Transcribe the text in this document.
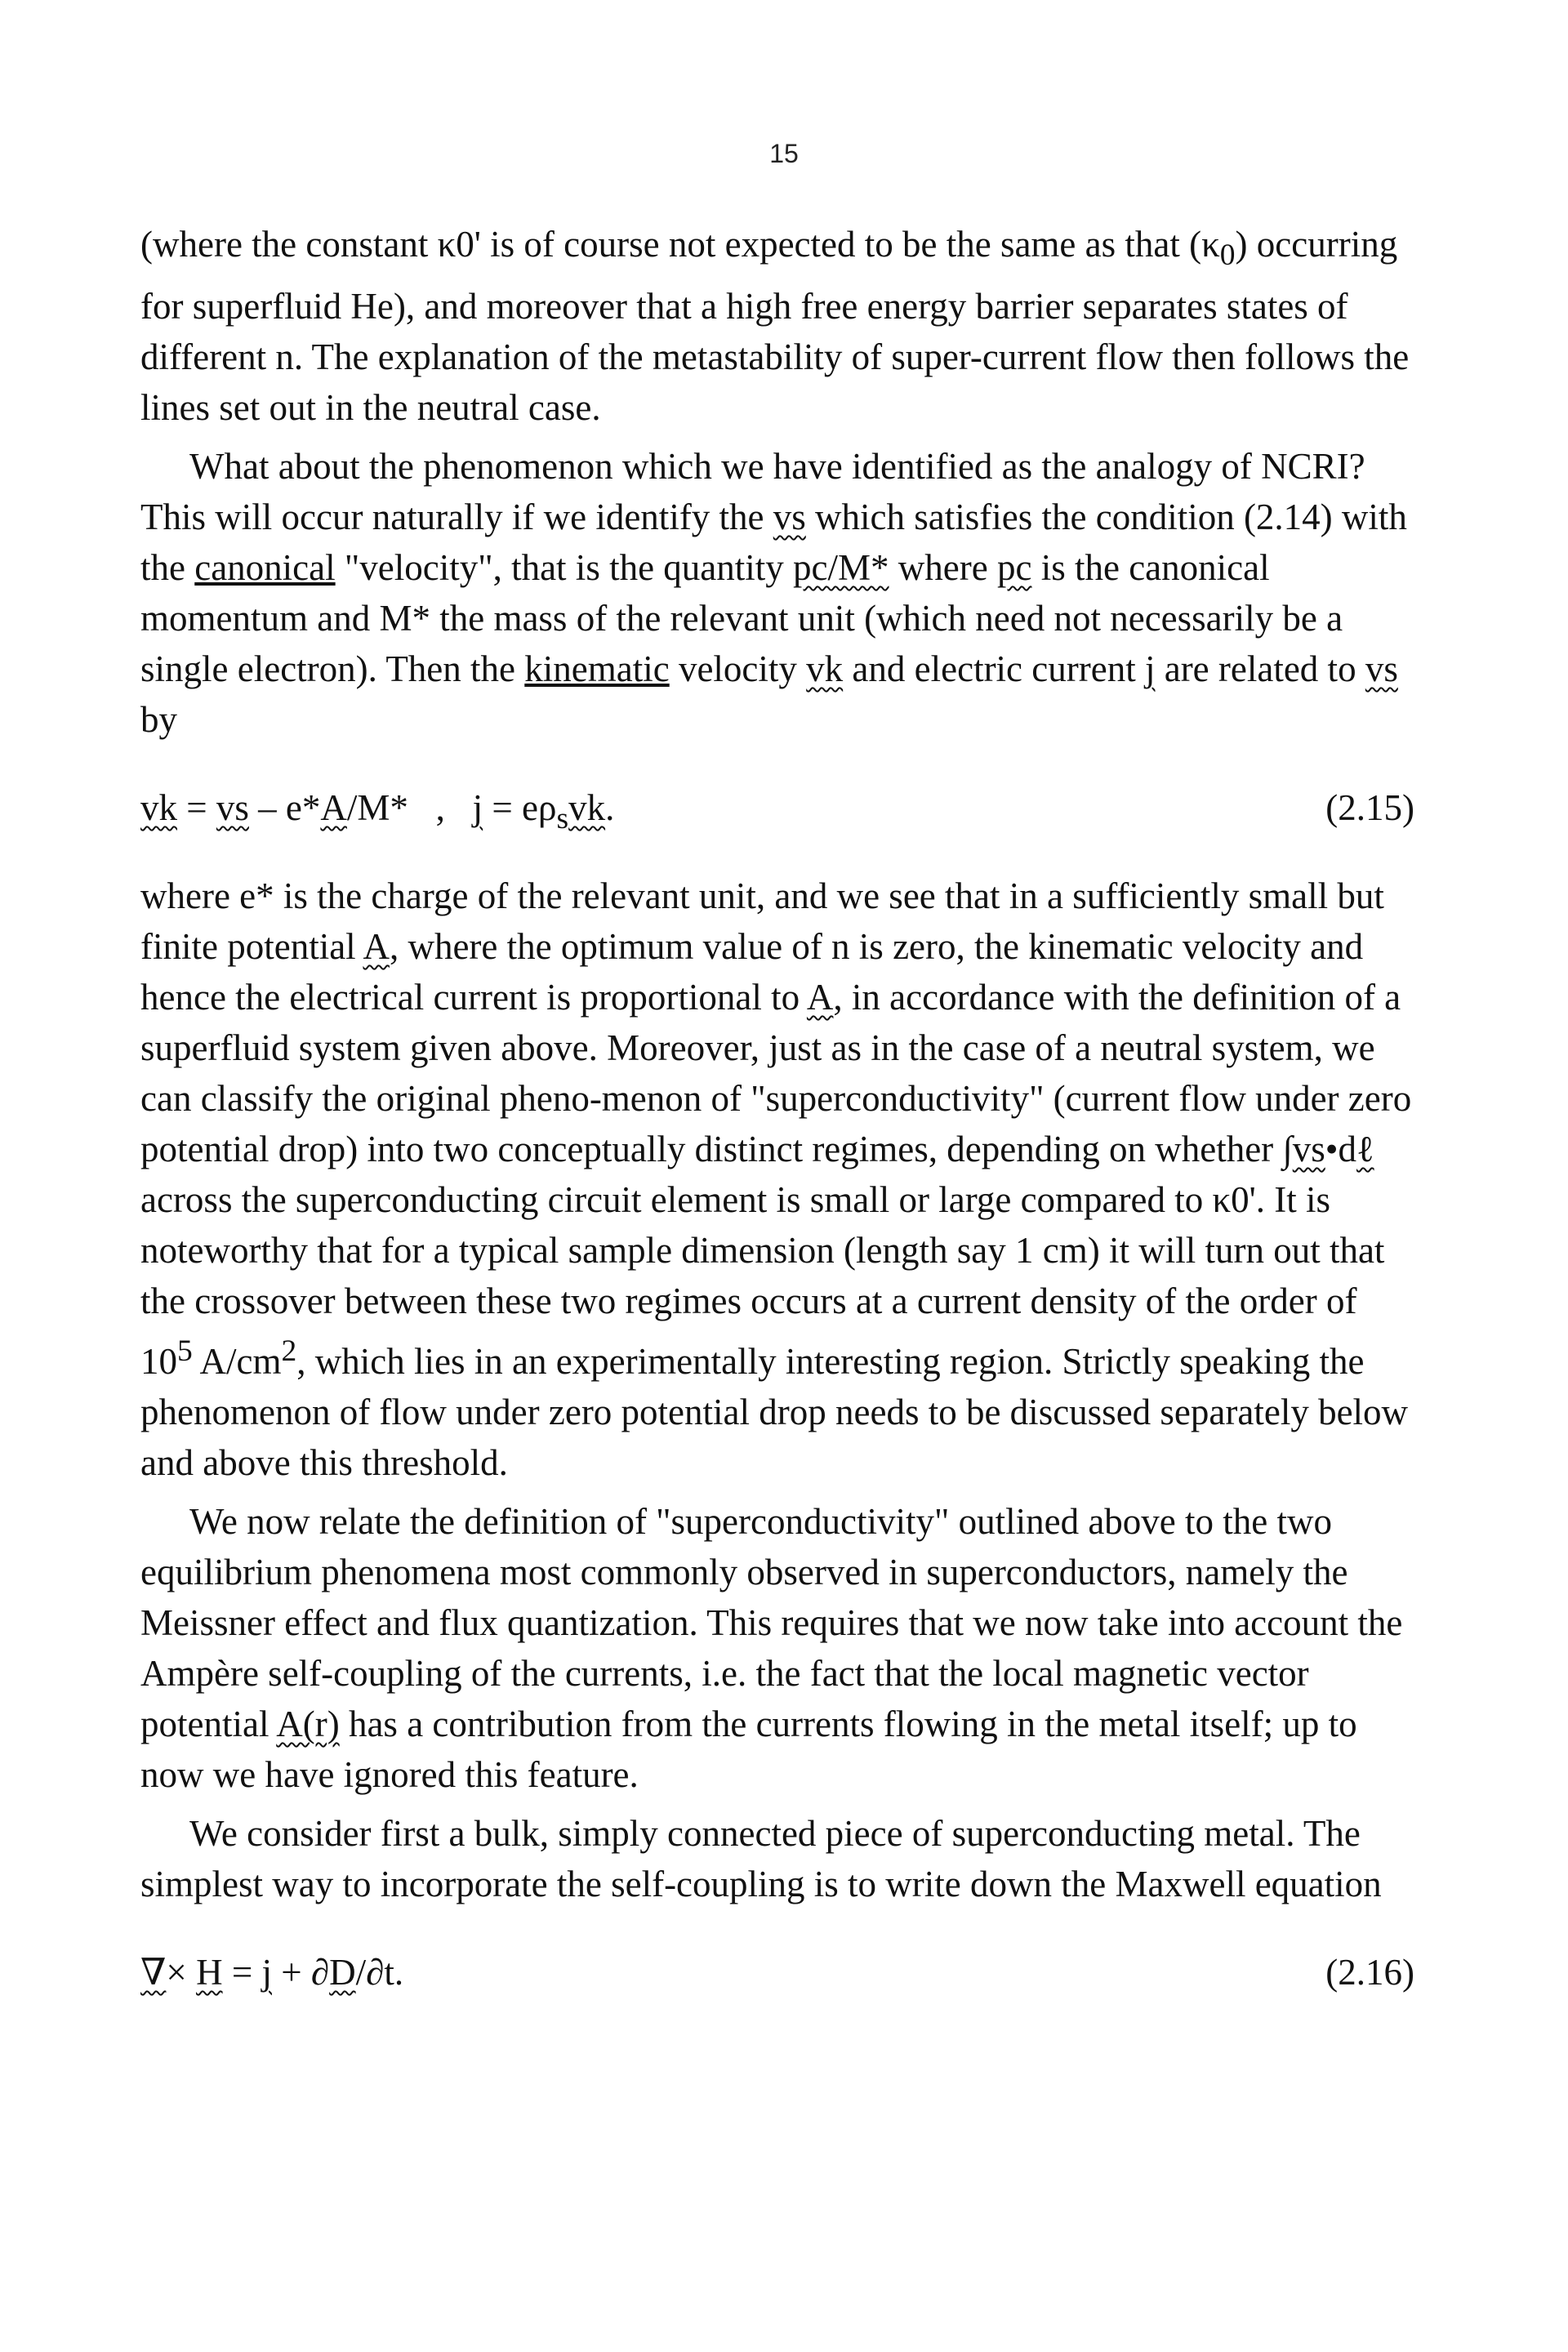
15

(where the constant κ0' is of course not expected to be the same as that $(\kappa_0)$ occurring for superfluid He), and moreover that a high free energy barrier separates states of different n. The explanation of the metastability of super-current flow then follows the lines set out in the neutral case.

What about the phenomenon which we have identified as the analogy of NCRI? This will occur naturally if we identify the vs which satisfies the condition (2.14) with the canonical "velocity", that is the quantity pc/M* where pc is the canonical momentum and M* the mass of the relevant unit (which need not necessarily be a single electron). Then the kinematic velocity vk and electric current j are related to vs by

vk = vs – e*A/M*   ,   $j = e\rho_svk$.	(2.15)

where e* is the charge of the relevant unit, and we see that in a sufficiently small but finite potential A, where the optimum value of n is zero, the kinematic velocity and hence the electrical current is proportional to A, in accordance with the definition of a superfluid system given above. Moreover, just as in the case of a neutral system, we can classify the original pheno-menon of "superconductivity" (current flow under zero potential drop) into two conceptually distinct regimes, depending on whether ∫vs•dℓ across the superconducting circuit element is small or large compared to κ0'. It is noteworthy that for a typical sample dimension (length say 1 cm) it will turn out that the crossover between these two regimes occurs at a current density of the order of $10^5$ $A/cm^2$, which lies in an experimentally interesting region. Strictly speaking the phenomenon of flow under zero potential drop needs to be discussed separately below and above this threshold.

We now relate the definition of "superconductivity" outlined above to the two equilibrium phenomena most commonly observed in superconductors, namely the Meissner effect and flux quantization. This requires that we now take into account the Ampère self-coupling of the currents, i.e. the fact that the local magnetic vector potential A(r) has a contribution from the currents flowing in the metal itself; up to now we have ignored this feature.

We consider first a bulk, simply connected piece of superconducting metal. The simplest way to incorporate the self-coupling is to write down the Maxwell equation

∇× H = j + ∂D/∂t.	(2.16)
